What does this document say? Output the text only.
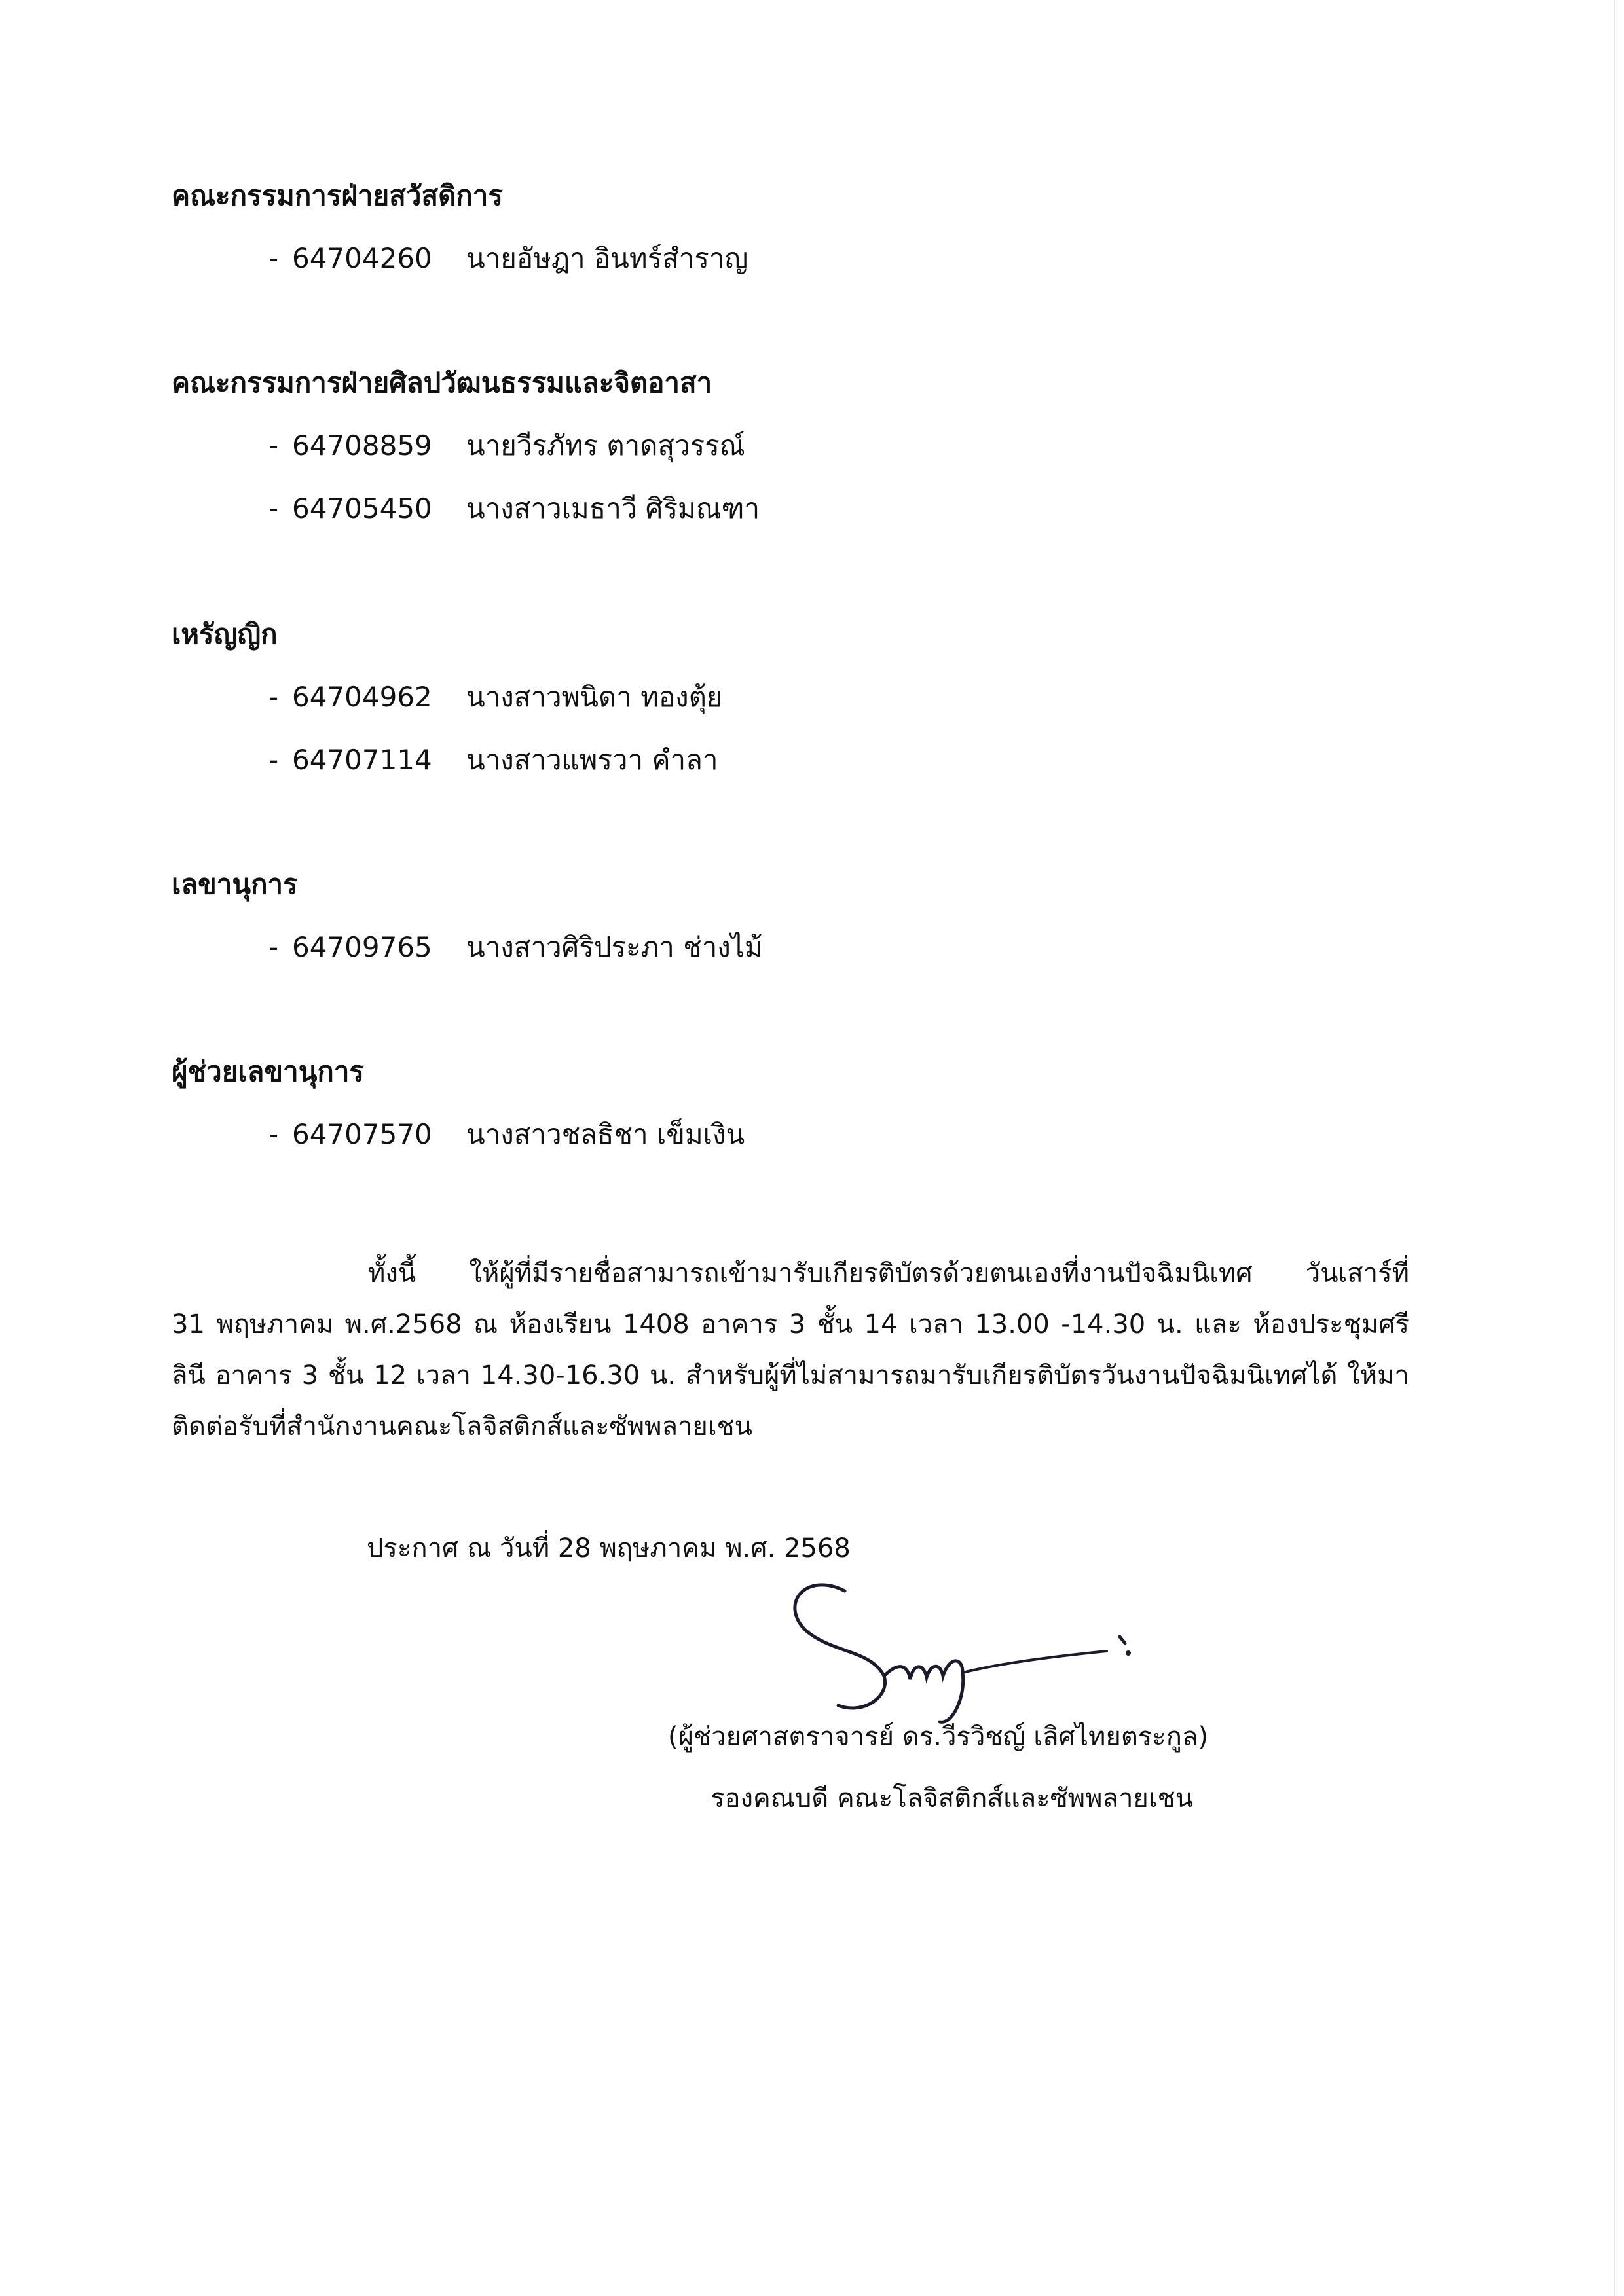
คณะกรรมการฝ่ายสวัสดิการ
- 64704260 นายอัษฎา อินทร์สำราญ
คณะกรรมการฝ่ายศิลปวัฒนธรรมและจิตอาสา
- 64708859 นายวีรภัทร ตาดสุวรรณ์
- 64705450 นางสาวเมธาวี ศิริมณฑา
เหรัญญิก
- 64704962 นางสาวพนิดา ทองตุ้ย
- 64707114 นางสาวแพรวา คำลา
เลขานุการ
- 64709765 นางสาวศิริประภา ช่างไม้
ผู้ช่วยเลขานุการ
- 64707570 นางสาวชลธิชา เข็มเงิน
ทั้งนี้ ให้ผู้ที่มีรายชื่อสามารถเข้ามารับเกียรติบัตรด้วยตนเองที่งานปัจฉิมนิเทศ วันเสาร์ที่
31 พฤษภาคม พ.ศ.2568 ณ ห้องเรียน 1408 อาคาร 3 ชั้น 14 เวลา 13.00 -14.30 น. และ ห้องประชุมศรี
ลินี อาคาร 3 ชั้น 12 เวลา 14.30-16.30 น. สำหรับผู้ที่ไม่สามารถมารับเกียรติบัตรวันงานปัจฉิมนิเทศได้ ให้มา
ติดต่อรับที่สำนักงานคณะโลจิสติกส์และซัพพลายเชน
ประกาศ ณ วันที่ 28 พฤษภาคม พ.ศ. 2568
(ผู้ช่วยศาสตราจารย์ ดร.วีรวิชญ์ เลิศไทยตระกูล)
รองคณบดี คณะโลจิสติกส์และซัพพลายเชน
